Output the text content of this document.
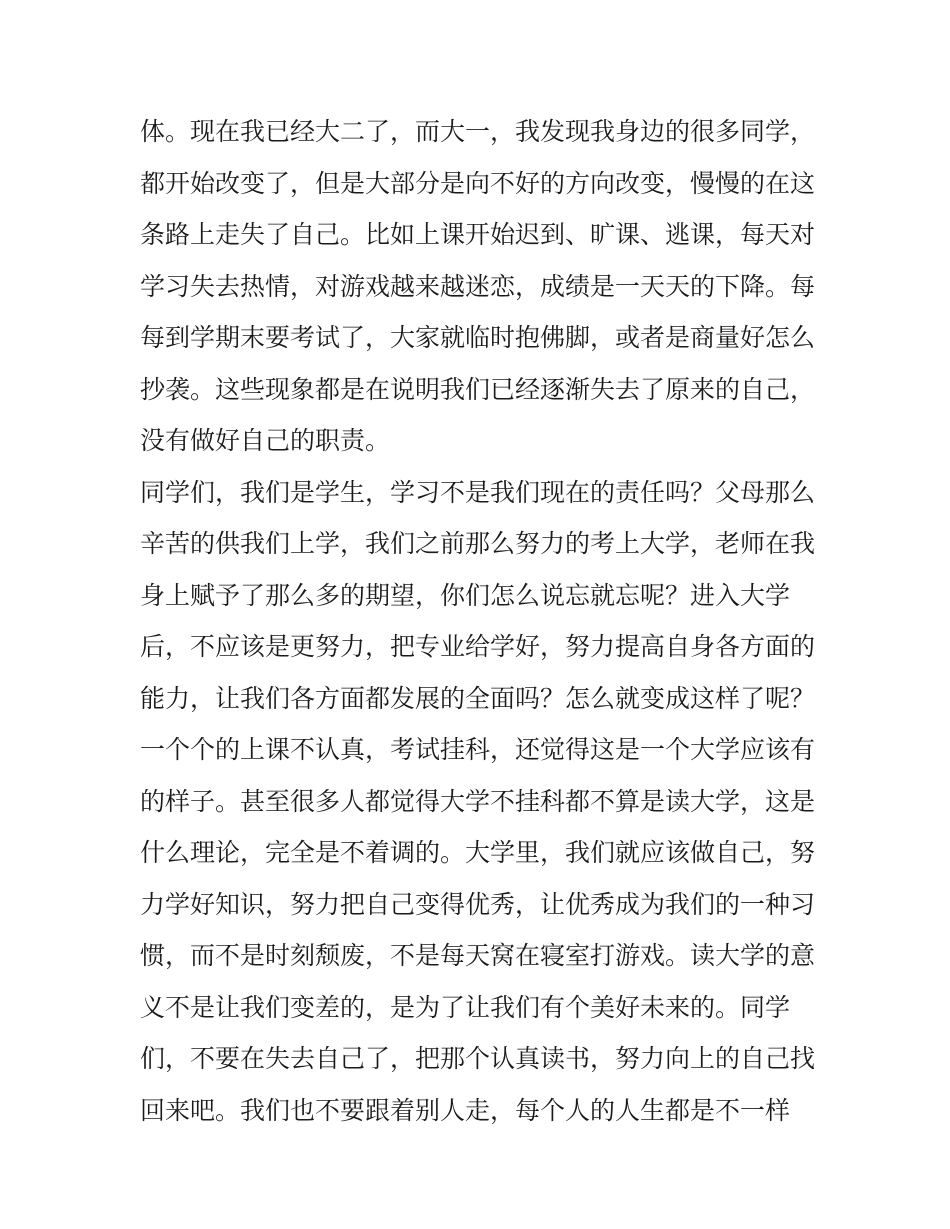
体。现在我已经大二了，而大一，我发现我身边的很多同学，
都开始改变了，但是大部分是向不好的方向改变，慢慢的在这
条路上走失了自己。比如上课开始迟到、旷课、逃课，每天对
学习失去热情，对游戏越来越迷恋，成绩是一天天的下降。每
每到学期末要考试了，大家就临时抱佛脚，或者是商量好怎么
抄袭。这些现象都是在说明我们已经逐渐失去了原来的自己，
没有做好自己的职责。
同学们，我们是学生，学习不是我们现在的责任吗？父母那么
辛苦的供我们上学，我们之前那么努力的考上大学，老师在我
身上赋予了那么多的期望，你们怎么说忘就忘呢？进入大学
后，不应该是更努力，把专业给学好，努力提高自身各方面的
能力，让我们各方面都发展的全面吗？怎么就变成这样了呢？
一个个的上课不认真，考试挂科，还觉得这是一个大学应该有
的样子。甚至很多人都觉得大学不挂科都不算是读大学，这是
什么理论，完全是不着调的。大学里，我们就应该做自己，努
力学好知识，努力把自己变得优秀，让优秀成为我们的一种习
惯，而不是时刻颓废，不是每天窝在寝室打游戏。读大学的意
义不是让我们变差的，是为了让我们有个美好未来的。同学
们，不要在失去自己了，把那个认真读书，努力向上的自己找
回来吧。我们也不要跟着别人走，每个人的人生都是不一样
